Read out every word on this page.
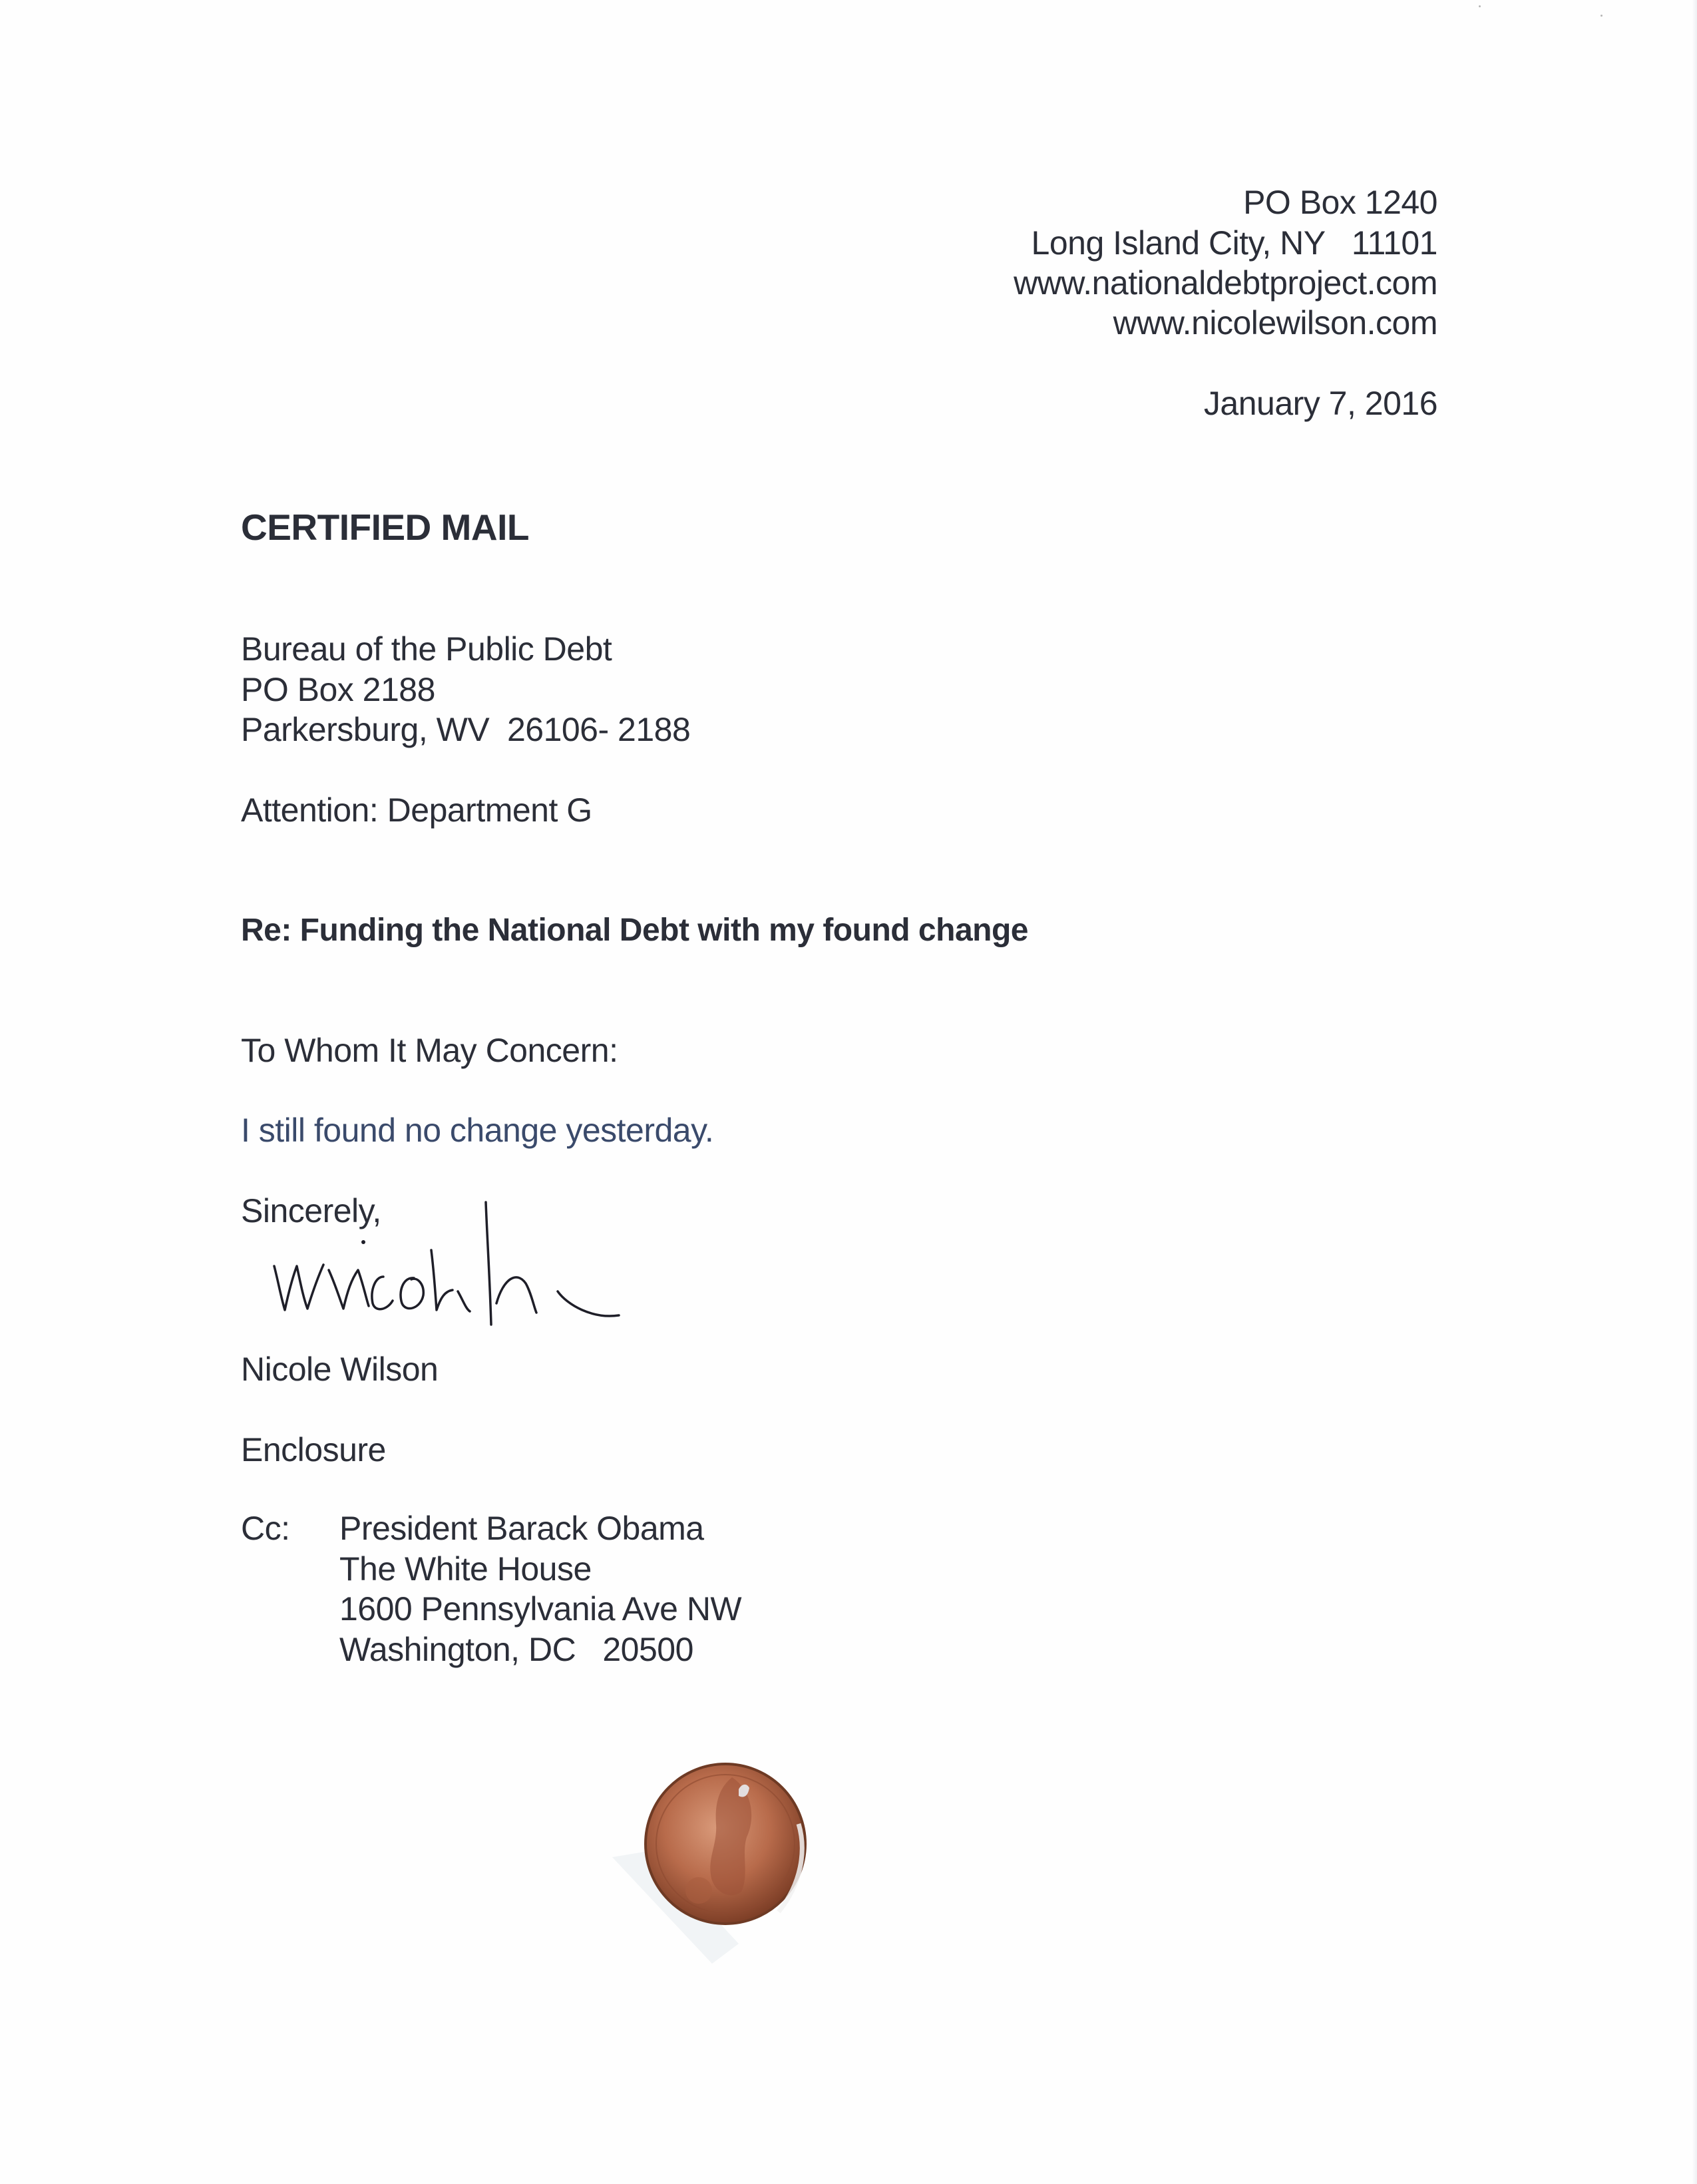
PO Box 1240
Long Island City, NY   11101
www.nationaldebtproject.com
www.nicolewilson.com
January 7, 2016
CERTIFIED MAIL
Bureau of the Public Debt
PO Box 2188
Parkersburg, WV  26106- 2188
Attention: Department G
Re: Funding the National Debt with my found change
To Whom It May Concern:
I still found no change yesterday.
Sincerely,
Nicole Wilson
Enclosure
Cc: President Barack Obama
The White House
1600 Pennsylvania Ave NW
Washington, DC   20500
